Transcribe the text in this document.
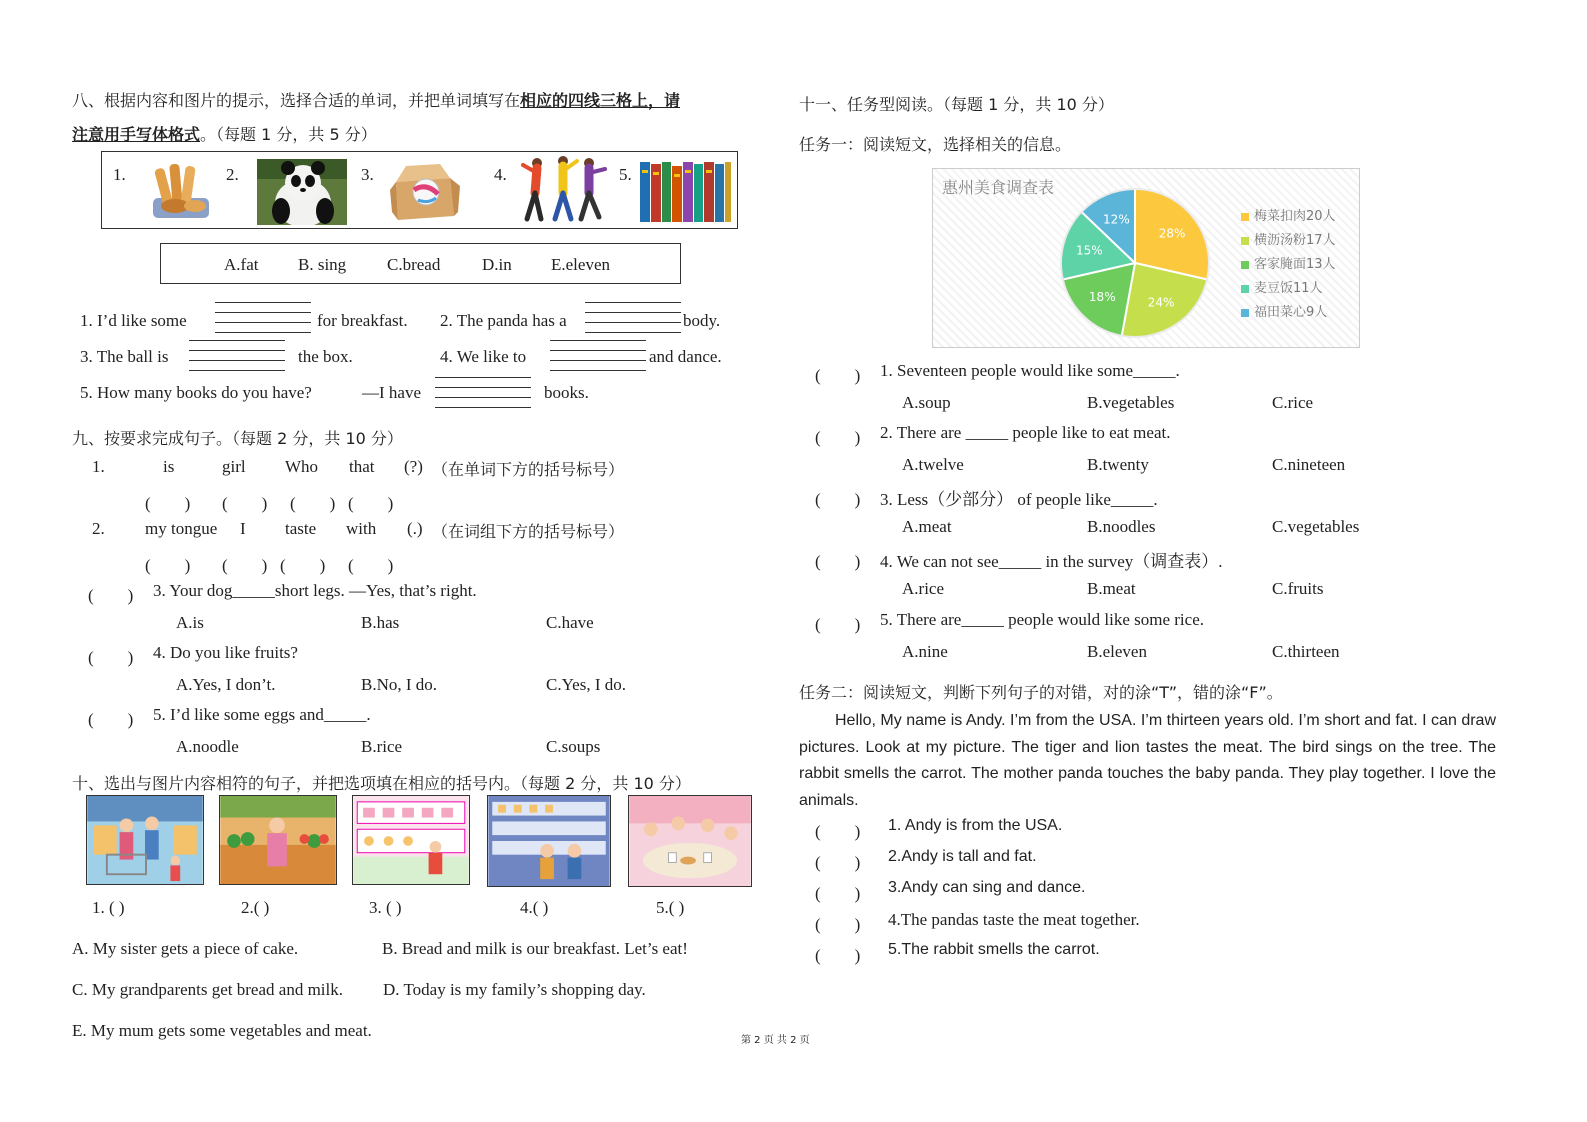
八、根据内容和图片的提示，选择合适的单词，并把单词填写在相应的四线三格上，请
注意用手写体格式。（每题 1 分，共 5 分）
1.	2.	3.	4.	5.
A.fat B. sing C.bread D.in E.eleven
1. I’d like some	for breakfast. 2. The panda has a	body.
3. The ball is	the box.	4. We like to	and dance.
5. How many books do you have?	—I have	books.
九、按要求完成句子。（每题 2 分，共 10 分）
1.	is	girl Who that (?) （在单词下方的括号标号）
(　　) (　　) (　　) (　　)
2. my tongue I taste with (.) （在词组下方的括号标号）
(　　) (　　) (　　) (　　)
(　　) 3. Your dog_____short legs. —Yes, that’s right.
A.is	B.has	C.have
(　　) 4. Do you like fruits?
A.Yes, I don’t.	B.No, I do.	C.Yes, I do.
(　　) 5. I’d like some eggs and_____.
A.noodle	B.rice	C.soups
十、选出与图片内容相符的句子，并把选项填在相应的括号内。（每题 2 分，共 10 分）
1. ( )	2.( )	3. ( )	4.( )	5.( )
A. My sister gets a piece of cake.	B. Bread and milk is our breakfast. Let’s eat!
C. My grandparents get bread and milk. D. Today is my family’s shopping day.
E. My mum gets some vegetables and meat.
第 2 页 共 2 页
十一、任务型阅读。（每题 1 分，共 10 分）
任务一：阅读短文，选择相关的信息。
惠州美食调查表
28%
24%
18%
15%
12%	梅菜扣肉20人
横沥汤粉17人
客家腌面13人
麦豆饭11人
福田菜心9人
(　　) 1. Seventeen people would like some_____.
A.soup	B.vegetables	C.rice
(　　) 2. There are _____ people like to eat meat.
A.twelve	B.twenty	C.nineteen
(　　) 3. Less（少部分） of people like_____.
A.meat	B.noodles	C.vegetables
(　　) 4. We can not see_____ in the survey（调查表）.
A.rice	B.meat	C.fruits
(　　) 5. There are_____ people would like some rice.
A.nine	B.eleven	C.thirteen
任务二：阅读短文，判断下列句子的对错，对的涂“T”，错的涂“F”。
Hello, My name is Andy. I’m from the USA. I’m thirteen years old. I’m short and fat. I can draw pictures. Look at my picture. The tiger and lion tastes the meat. The bird sings on the tree. The rabbit smells the carrot. The mother panda touches the baby panda. They play together. I love the animals.
(　　) 1. Andy is from the USA.
(　　) 2.Andy is tall and fat.
(　　) 3.Andy can sing and dance.
(　　) 4.The pandas taste the meat together.
(　　) 5.The rabbit smells the carrot.
